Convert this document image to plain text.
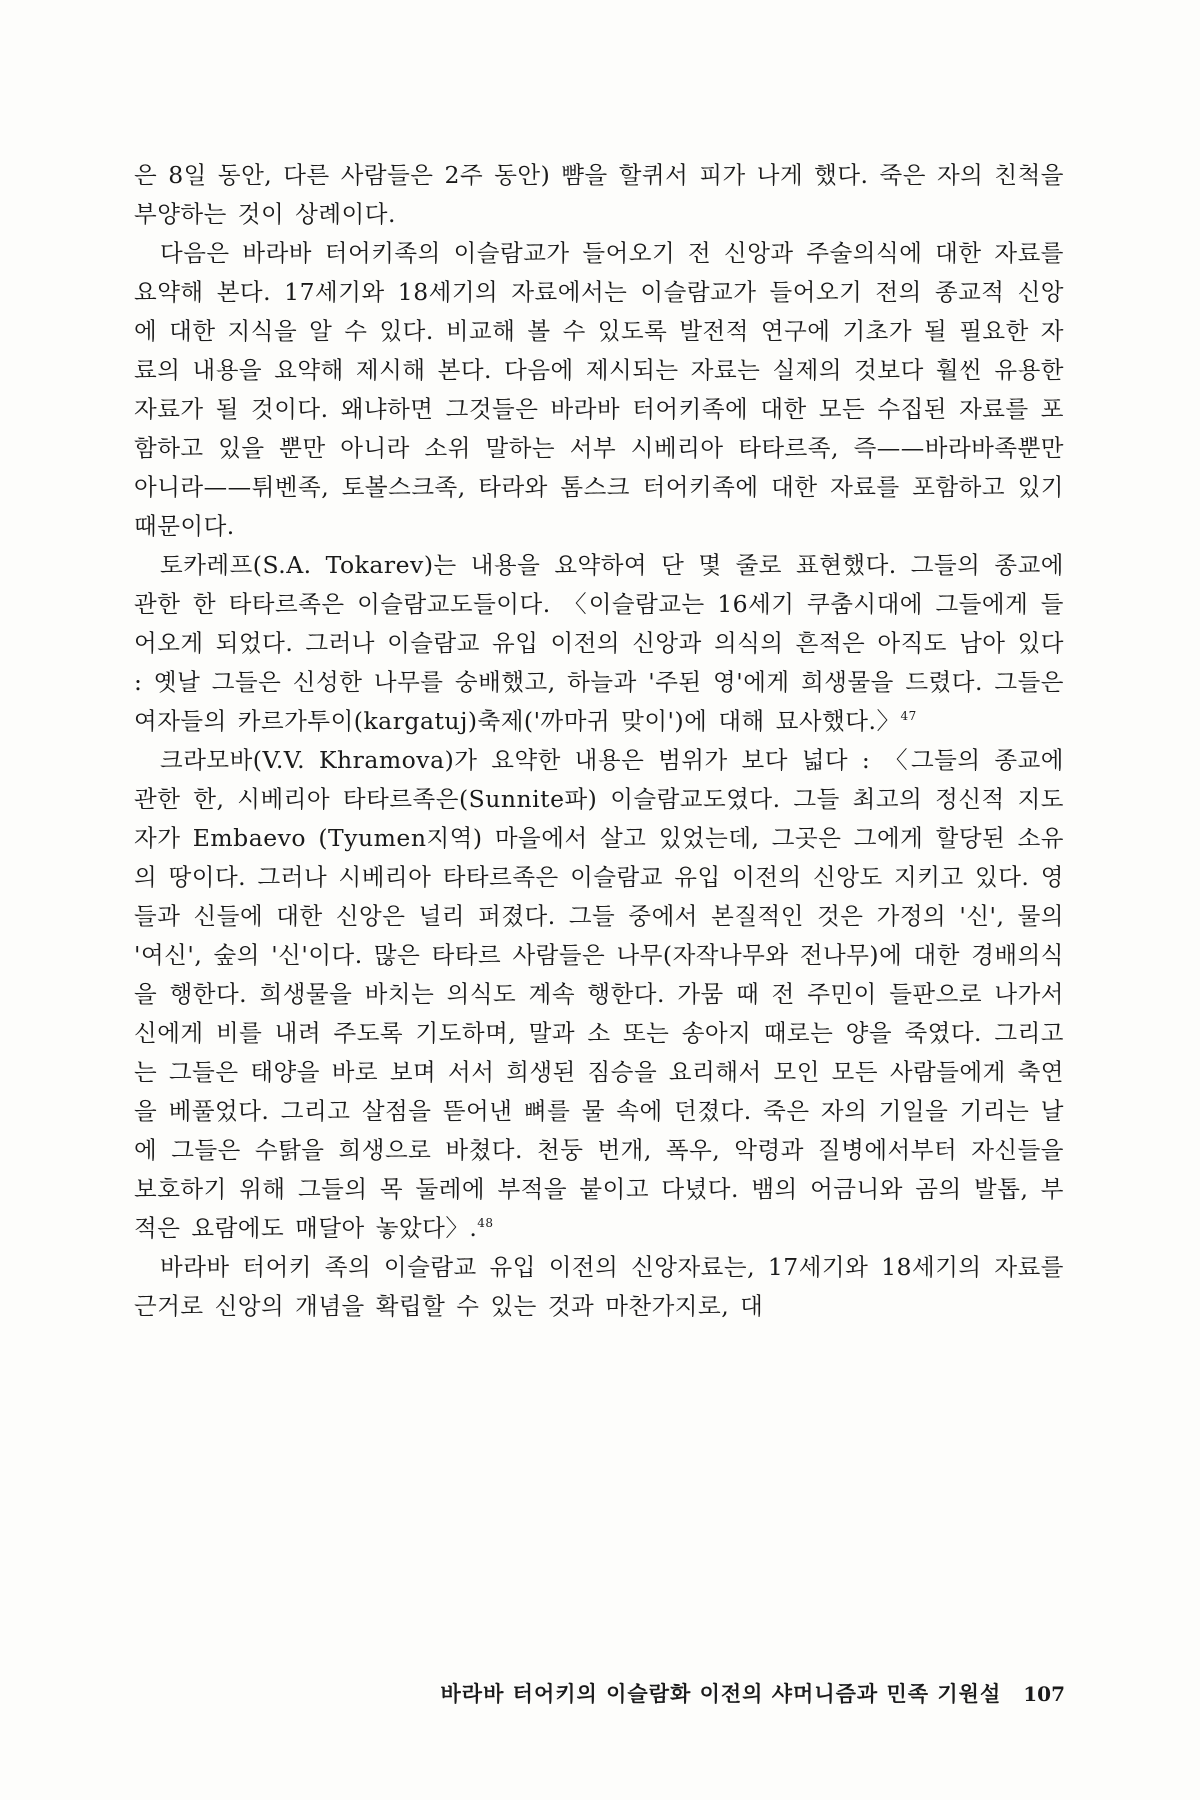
은 8일 동안, 다른 사람들은 2주 동안) 뺨을 할퀴서 피가 나게 했다. 죽은 자의 친척을 부양하는 것이 상례이다.

다음은 바라바 터어키족의 이슬람교가 들어오기 전 신앙과 주술의식에 대한 자료를 요약해 본다. 17세기와 18세기의 자료에서는 이슬람교가 들어오기 전의 종교적 신앙에 대한 지식을 알 수 있다. 비교해 볼 수 있도록 발전적 연구에 기초가 될 필요한 자료의 내용을 요약해 제시해 본다. 다음에 제시되는 자료는 실제의 것보다 훨씬 유용한 자료가 될 것이다. 왜냐하면 그것들은 바라바 터어키족에 대한 모든 수집된 자료를 포함하고 있을 뿐만 아니라 소위 말하는 서부 시베리아 타타르족, 즉——바라바족뿐만 아니라——튀벤족, 토볼스크족, 타라와 톰스크 터어키족에 대한 자료를 포함하고 있기 때문이다.

토카레프(S.A. Tokarev)는 내용을 요약하여 단 몇 줄로 표현했다. 그들의 종교에 관한 한 타타르족은 이슬람교도들이다. 〈이슬람교는 16세기 쿠춤시대에 그들에게 들어오게 되었다. 그러나 이슬람교 유입 이전의 신앙과 의식의 흔적은 아직도 남아 있다 : 옛날 그들은 신성한 나무를 숭배했고, 하늘과 '주된 영'에게 희생물을 드렸다. 그들은 여자들의 카르가투이(kargatuj)축제('까마귀 맞이')에 대해 묘사했다.〉$^{47}$

크라모바(V.V. Khramova)가 요약한 내용은 범위가 보다 넓다 : 〈그들의 종교에 관한 한, 시베리아 타타르족은(Sunnite파) 이슬람교도였다. 그들 최고의 정신적 지도자가 Embaevo (Tyumen지역) 마을에서 살고 있었는데, 그곳은 그에게 할당된 소유의 땅이다. 그러나 시베리아 타타르족은 이슬람교 유입 이전의 신앙도 지키고 있다. 영들과 신들에 대한 신앙은 널리 퍼졌다. 그들 중에서 본질적인 것은 가정의 '신', 물의 '여신', 숲의 '신'이다. 많은 타타르 사람들은 나무(자작나무와 전나무)에 대한 경배의식을 행한다. 희생물을 바치는 의식도 계속 행한다. 가뭄 때 전 주민이 들판으로 나가서 신에게 비를 내려 주도록 기도하며, 말과 소 또는 송아지 때로는 양을 죽였다. 그리고는 그들은 태양을 바로 보며 서서 희생된 짐승을 요리해서 모인 모든 사람들에게 축연을 베풀었다. 그리고 살점을 뜯어낸 뼈를 물 속에 던졌다. 죽은 자의 기일을 기리는 날에 그들은 수탉을 희생으로 바쳤다. 천둥 번개, 폭우, 악령과 질병에서부터 자신들을 보호하기 위해 그들의 목 둘레에 부적을 붙이고 다녔다. 뱀의 어금니와 곰의 발톱, 부적은 요람에도 매달아 놓았다〉.$^{48}$

바라바 터어키 족의 이슬람교 유입 이전의 신앙자료는, 17세기와 18세기의 자료를 근거로 신앙의 개념을 확립할 수 있는 것과 마찬가지로, 대

바라바 터어키의 이슬람화 이전의 샤머니즘과 민족 기원설 107
